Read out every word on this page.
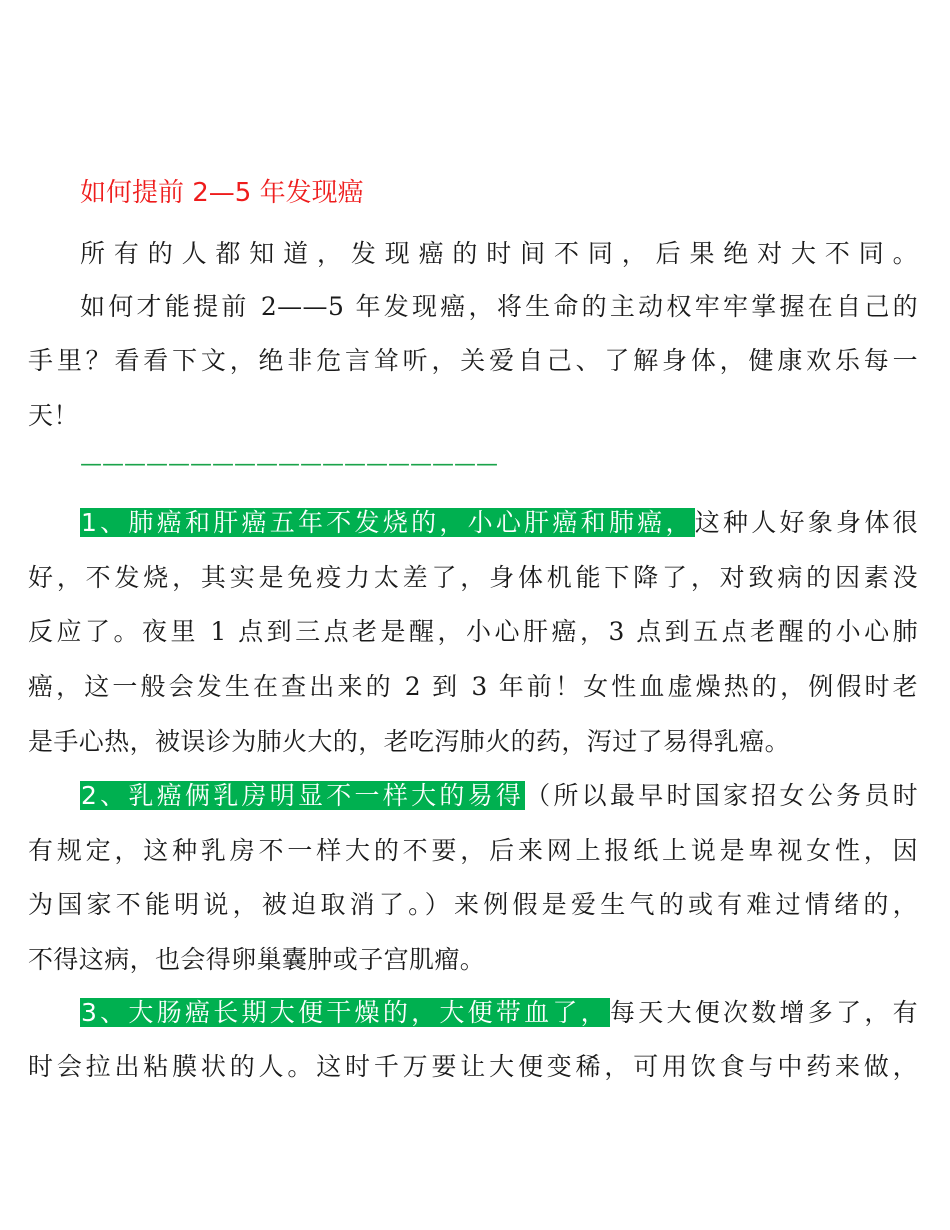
如何提前 2—5 年发现癌
所有的人都知道，发现癌的时间不同，后果绝对大不同。
如何才能提前 2——5 年发现癌，将生命的主动权牢牢掌握在自己的
手里？看看下文，绝非危言耸听，关爱自己、了解身体，健康欢乐每一
天！
———————————————————
1、肺癌和肝癌五年不发烧的，小心肝癌和肺癌，这种人好象身体很
好，不发烧，其实是免疫力太差了，身体机能下降了，对致病的因素没
反应了。夜里 1 点到三点老是醒，小心肝癌，3 点到五点老醒的小心肺
癌，这一般会发生在查出来的 2 到 3 年前！女性血虚燥热的，例假时老
是手心热，被误诊为肺火大的，老吃泻肺火的药，泻过了易得乳癌。
2、乳癌俩乳房明显不一样大的易得（所以最早时国家招女公务员时
有规定，这种乳房不一样大的不要，后来网上报纸上说是卑视女性，因
为国家不能明说，被迫取消了。）来例假是爱生气的或有难过情绪的，
不得这病，也会得卵巢囊肿或子宫肌瘤。
3、大肠癌长期大便干燥的，大便带血了，每天大便次数增多了，有
时会拉出粘膜状的人。这时千万要让大便变稀，可用饮食与中药来做，
